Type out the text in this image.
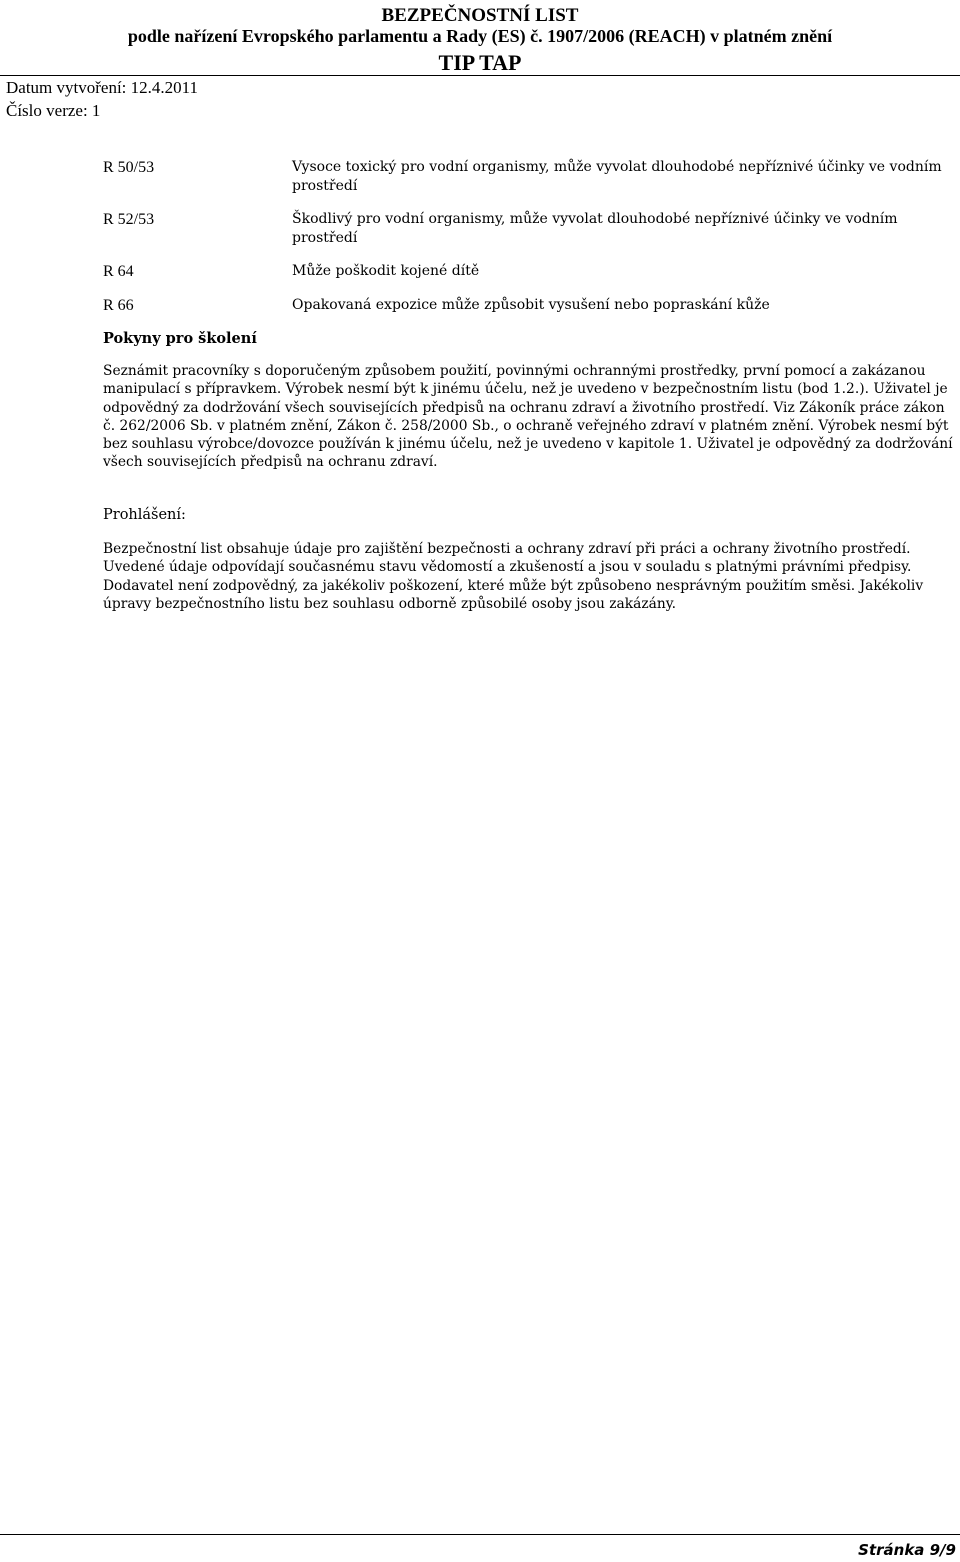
BEZPEČNOSTNÍ LIST
podle nařízení Evropského parlamentu a Rady (ES) č. 1907/2006 (REACH) v platném znění
TIP TAP
Datum vytvoření: 12.4.2011
Číslo verze: 1
R 50/53	Vysoce toxický pro vodní organismy, může vyvolat dlouhodobé nepříznivé účinky ve vodním prostředí
R 52/53	Škodlivý pro vodní organismy, může vyvolat dlouhodobé nepříznivé účinky ve vodním prostředí
R 64	Může poškodit kojené dítě
R 66	Opakovaná expozice může způsobit vysušení nebo popraskání kůže
Pokyny pro školení
Seznámit pracovníky s doporučeným způsobem použití, povinnými ochrannými prostředky, první pomocí a zakázanou manipulací s přípravkem. Výrobek nesmí být k jinému účelu, než je uvedeno v bezpečnostním listu (bod 1.2.). Uživatel je odpovědný za dodržování všech souvisejících předpisů na ochranu zdraví a životního prostředí. Viz Zákoník práce zákon č. 262/2006 Sb. v platném znění, Zákon č. 258/2000 Sb., o ochraně veřejného zdraví v platném znění. Výrobek nesmí být bez souhlasu výrobce/dovozce používán k jinému účelu, než je uvedeno v kapitole 1. Uživatel je odpovědný za dodržování všech souvisejících předpisů na ochranu zdraví.
Prohlášení:
Bezpečnostní list obsahuje údaje pro zajištění bezpečnosti a ochrany zdraví při práci a ochrany životního prostředí. Uvedené údaje odpovídají současnému stavu vědomostí a zkušeností a jsou v souladu s platnými právními předpisy. Dodavatel není zodpovědný, za jakékoliv poškození, které může být způsobeno nesprávným použitím směsi. Jakékoliv úpravy bezpečnostního listu bez souhlasu odborně způsobilé osoby jsou zakázány.
Stránka 9/9
